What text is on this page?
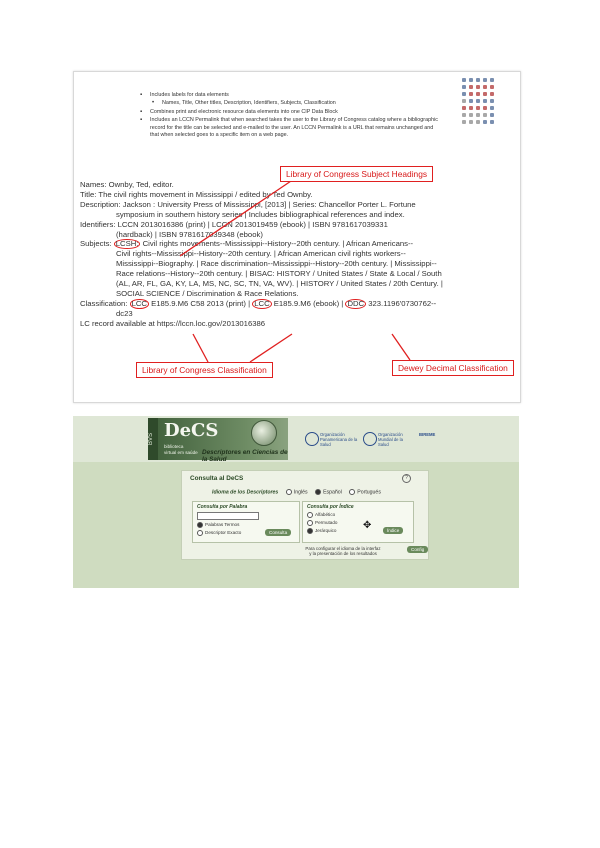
▪ Includes labels for data elements
• Names, Title, Other titles, Description, Identifiers, Subjects, Classification
▪ Combines print and electronic resource data elements into one CIP Data Block
▪ Includes an LCCN Permalink that when searched takes the user to the Library of Congress catalog where a bibliographic record for the title can be selected and e-mailed to the user. An LCCN Permalink is a URL that remains unchanged and that when selected goes to a specific item on a web page.

Names: Ownby, Ted, editor.

Title: The civil rights movement in Mississippi / edited by Ted Ownby.

Description: Jackson : University Press of Mississippi, [2013] | Series: Chancellor Porter L. Fortune

symposium in southern history series | Includes bibliographical references and index.

Identifiers: LCCN 2013016386 (print) | LCCN 2013019459 (ebook) | ISBN 9781617039331

(hardback) | ISBN 9781617039348 (ebook)

Subjects: LCSH: Civil rights movements--Mississippi--History--20th century. | African Americans--

Civil rights--Mississippi--History--20th century. | African American civil rights workers--

Mississippi--Biography. | Race discrimination--Mississippi--History--20th century. | Mississippi--

Race relations--History--20th century. | BISAC: HISTORY / United States / State & Local / South

(AL, AR, FL, GA, KY, LA, MS, NC, SC, TN, VA, WV). | HISTORY / United States / 20th Century. |

SOCIAL SCIENCE / Discrimination & Race Relations.

Classification: LCC E185.9.M6 C58 2013 (print) | LCC E185.9.M6 (ebook) | DDC 323.1196'0730762--

dc23

LC record available at https://lccn.loc.gov/2013016386

Library of Congress Subject Headings
Library of Congress Classification	Dewey Decimal Classification
BVS DeCS
biblioteca
virtual em saúde Descriptores en Ciencias de la Salud
Organización Panamericana de la Salud
Organización Mundial de la Salud
BIREME
Consulta al DeCS	?
Idioma de los Descriptores	Inglés	Español	Portugués
Consulta por Palabra
Palabras Termos
Descriptor Exacto	Consulta
Consulta por Índice
Alfabético
Permutado
Jerárquico	Índice
✥
Para configurar el idioma de la interfaz
y la presentación de los resultados
Config
